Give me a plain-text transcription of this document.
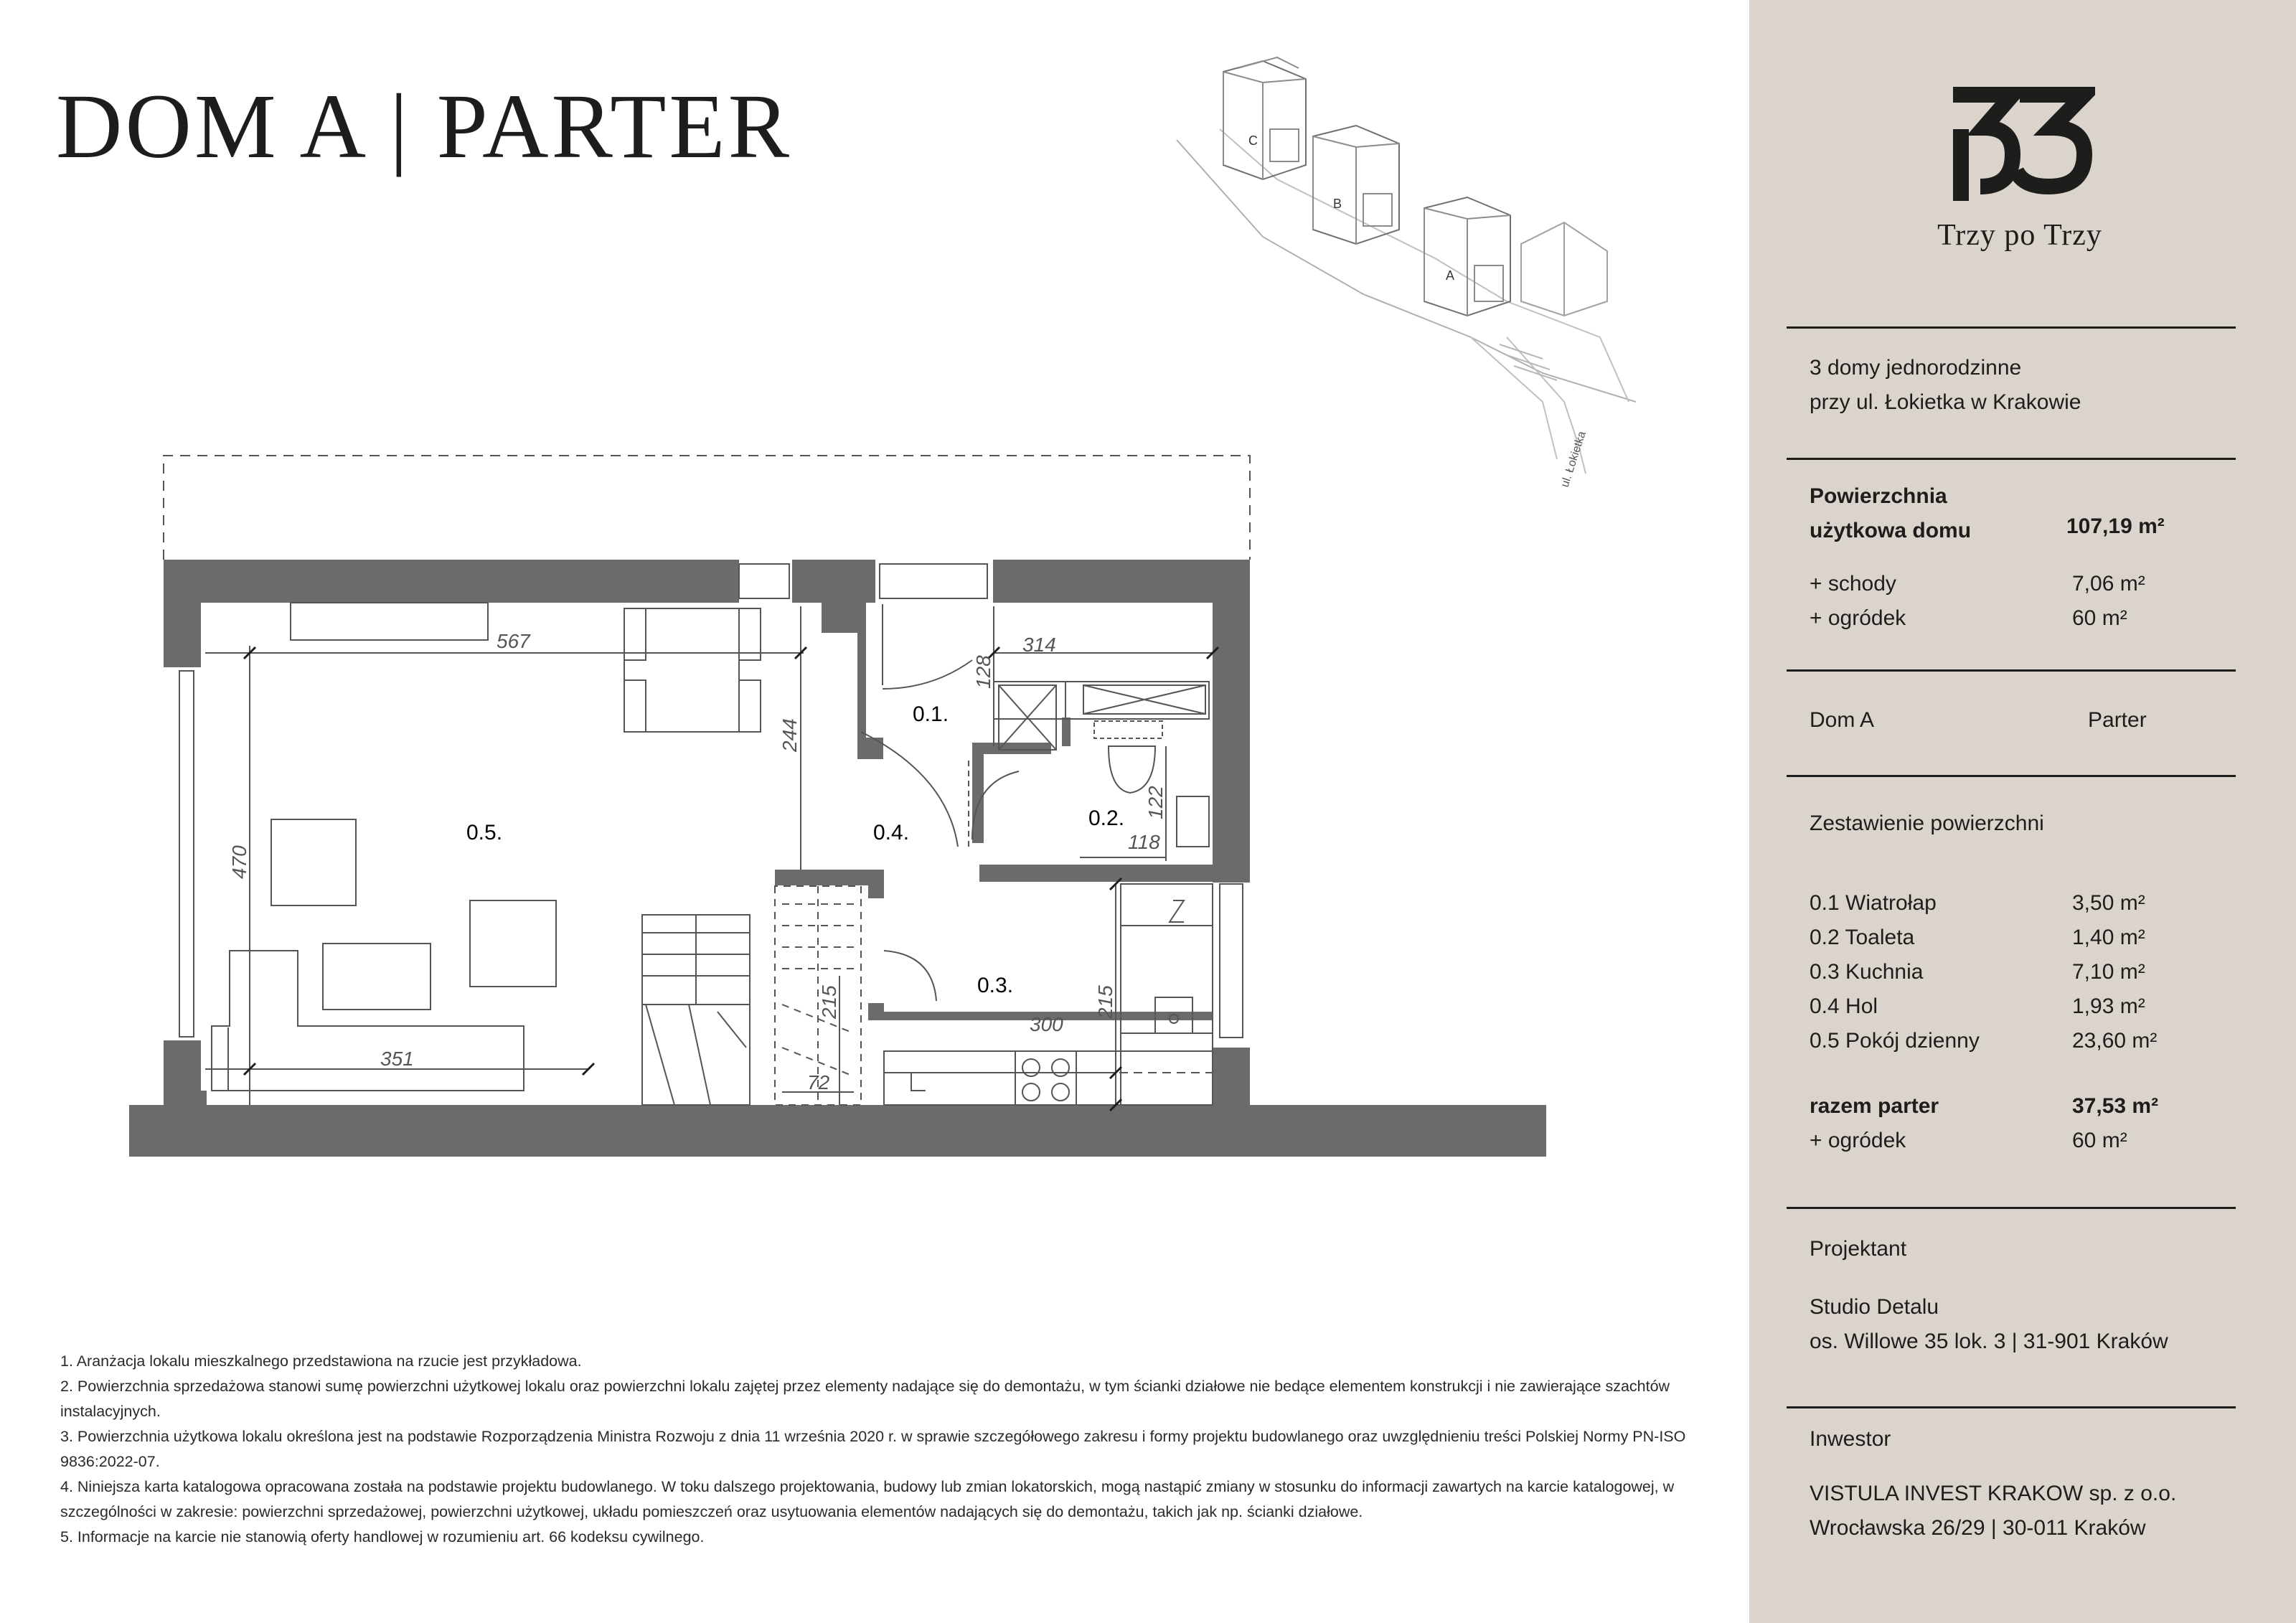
DOM A | PARTER	C
B
A
ul. Łokietka
0.1.
0.2.
0.3.
0.4.
0.5.
567	314
128
244
122
118
470
351
300
215
215
72

1. Aranżacja lokalu mieszkalnego przedstawiona na rzucie jest przykładowa.

2. Powierzchnia sprzedażowa stanowi sumę powierzchni użytkowej lokalu oraz powierzchni lokalu zajętej przez elementy nadające się do demontażu, w tym ścianki działowe nie bedące elementem konstrukcji i nie zawierające szachtów instalacyjnych.

3. Powierzchnia użytkowa lokalu określona jest na podstawie Rozporządzenia Ministra Rozwoju z dnia 11 września 2020 r. w sprawie szczegółowego zakresu i formy projektu budowlanego oraz uwzględnieniu treści Polskiej Normy PN-ISO 9836:2022-07.

4. Niniejsza karta katalogowa opracowana została na podstawie projektu budowlanego. W toku dalszego projektowania, budowy lub zmian lokatorskich, mogą nastąpić zmiany w stosunku do informacji zawartych na karcie katalogowej, w szczególności w zakresie: powierzchni sprzedażowej, powierzchni użytkowej, układu pomieszczeń oraz usytuowania elementów nadających się do demontażu, takich jak np. ścianki działowe.

5. Informacje na karcie nie stanowią oferty handlowej w rozumieniu art. 66 kodeksu cywilnego.

Trzy po Trzy
3 domy jednorodzinne
przy ul. Łokietka w Krakowie
Powierzchnia
użytkowa domu	107,19 m²
+ schody	7,06 m²
+ ogródek	60 m²
Dom A	Parter
Zestawienie powierzchni
0.1 Wiatrołap	3,50 m²
0.2 Toaleta	1,40 m²
0.3 Kuchnia	7,10 m²
0.4 Hol	1,93 m²
0.5 Pokój dzienny	23,60 m²
razem parter	37,53 m²
+ ogródek	60 m²
Projektant
Studio Detalu
os. Willowe 35 lok. 3 | 31-901 Kraków
Inwestor
VISTULA INVEST KRAKOW sp. z o.o.
Wrocławska 26/29 | 30-011 Kraków
